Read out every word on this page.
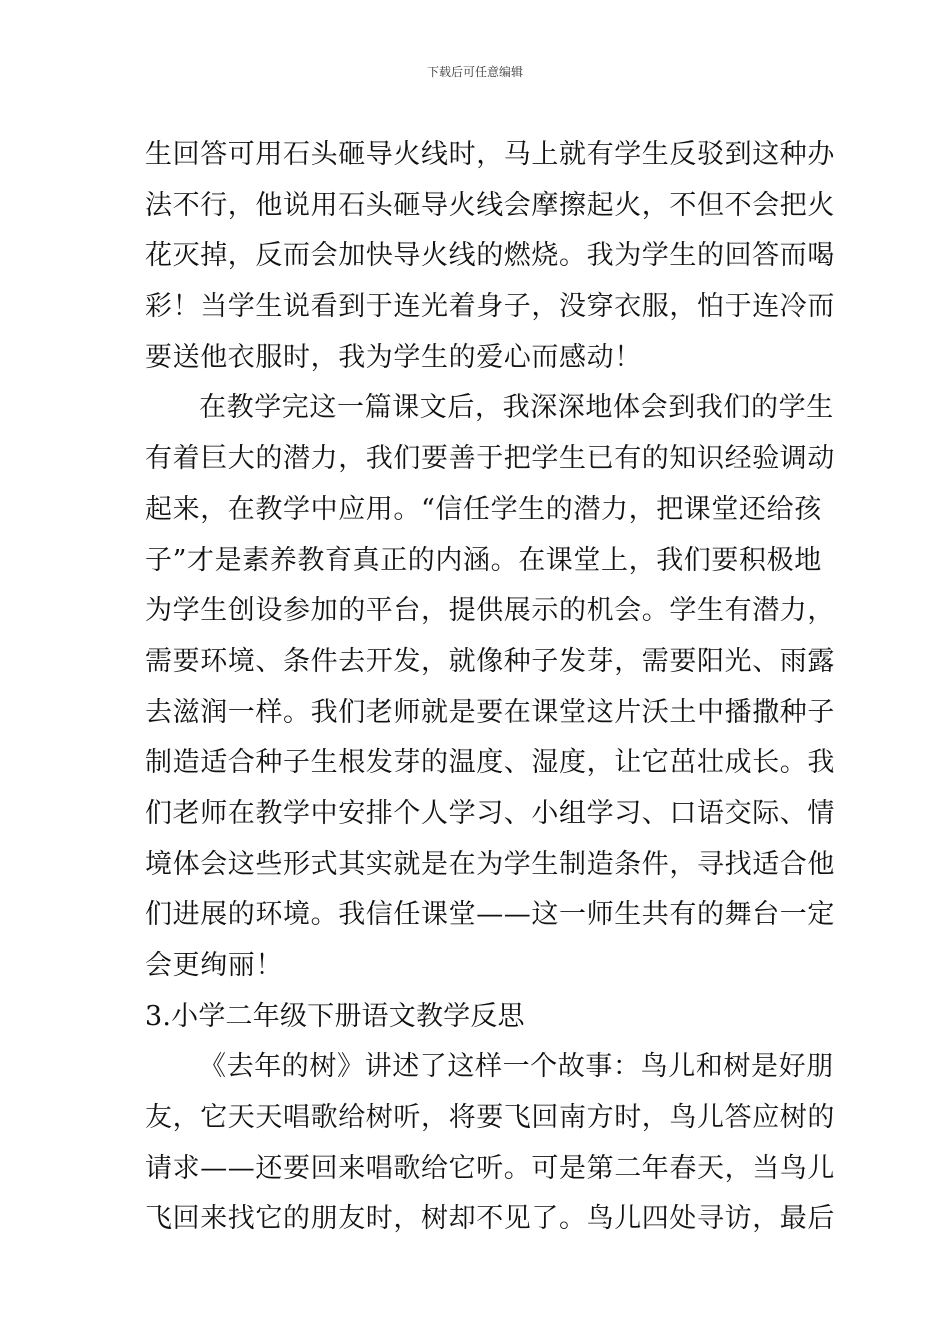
下载后可任意编辑
生回答可用石头砸导火线时，马上就有学生反驳到这种办
法不行，他说用石头砸导火线会摩擦起火，不但不会把火
花灭掉，反而会加快导火线的燃烧。我为学生的回答而喝
彩！当学生说看到于连光着身子，没穿衣服，怕于连冷而
要送他衣服时，我为学生的爱心而感动！
在教学完这一篇课文后，我深深地体会到我们的学生
有着巨大的潜力，我们要善于把学生已有的知识经验调动
起来，在教学中应用。“信任学生的潜力，把课堂还给孩
子”才是素养教育真正的内涵。在课堂上，我们要积极地
为学生创设参加的平台，提供展示的机会。学生有潜力，
需要环境、条件去开发，就像种子发芽，需要阳光、雨露
去滋润一样。我们老师就是要在课堂这片沃土中播撒种子
制造适合种子生根发芽的温度、湿度，让它茁壮成长。我
们老师在教学中安排个人学习、小组学习、口语交际、情
境体会这些形式其实就是在为学生制造条件，寻找适合他
们进展的环境。我信任课堂——这一师生共有的舞台一定
会更绚丽！
3.小学二年级下册语文教学反思
《去年的树》讲述了这样一个故事：鸟儿和树是好朋
友，它天天唱歌给树听，将要飞回南方时，鸟儿答应树的
请求——还要回来唱歌给它听。可是第二年春天，当鸟儿
飞回来找它的朋友时，树却不见了。鸟儿四处寻访，最后
